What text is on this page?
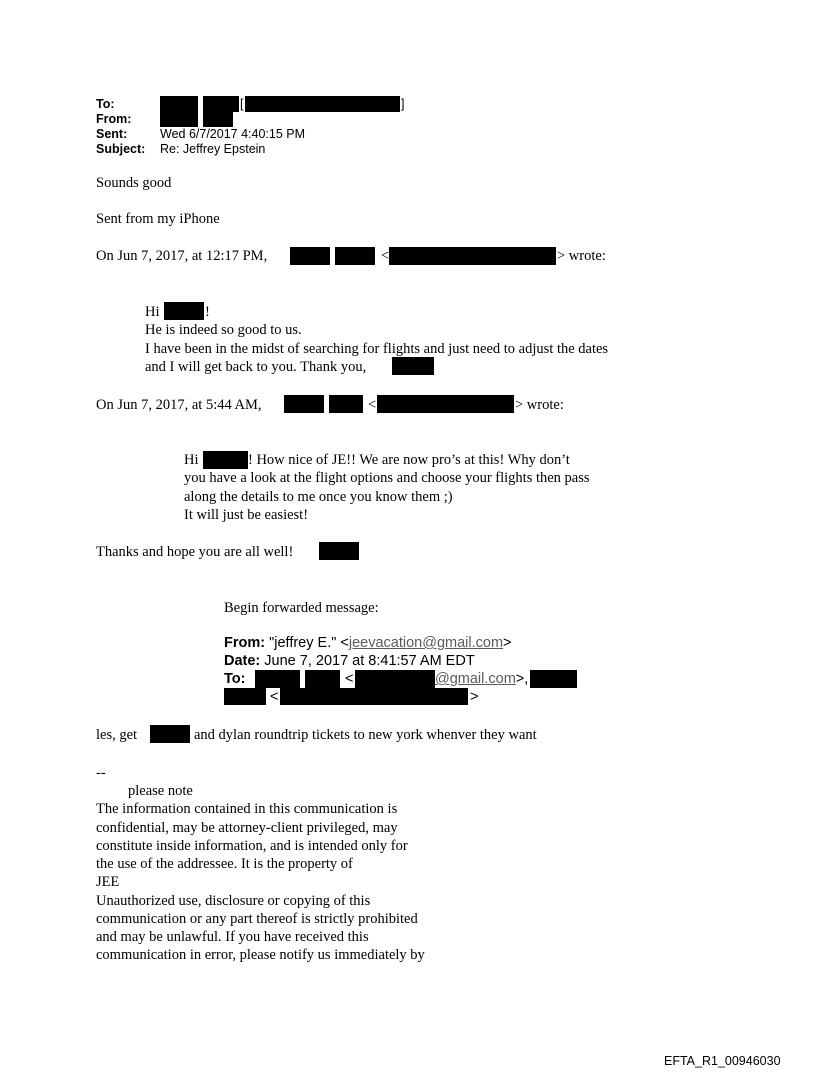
To:	[	]
From:
Sent:	Wed 6/7/2017 4:40:15 PM
Subject: Re: Jeffrey Epstein
Sounds good
Sent from my iPhone
On Jun 7, 2017, at 12:17 PM,	<	> wrote:
Hi	!
He is indeed so good to us.
I have been in the midst of searching for flights and just need to adjust the dates
and I will get back to you. Thank you,
On Jun 7, 2017, at 5:44 AM,	<	> wrote:
Hi	! How nice of JE!! We are now pro’s at this! Why don’t
you have a look at the flight options and choose your flights then pass
along the details to me once you know them ;)
It will just be easiest!
Thanks and hope you are all well!
Begin forwarded message:
From: "jeffrey E." <jeevacation@gmail.com>
Date: June 7, 2017 at 8:41:57 AM EDT
To:	<	@gmail.com>,
<	>
les, get	and dylan roundtrip tickets to new york whenver they want
--
please note
The information contained in this communication is
confidential, may be attorney-client privileged, may
constitute inside information, and is intended only for
the use of the addressee. It is the property of
JEE
Unauthorized use, disclosure or copying of this
communication or any part thereof is strictly prohibited
and may be unlawful. If you have received this
communication in error, please notify us immediately by
EFTA_R1_00946030
